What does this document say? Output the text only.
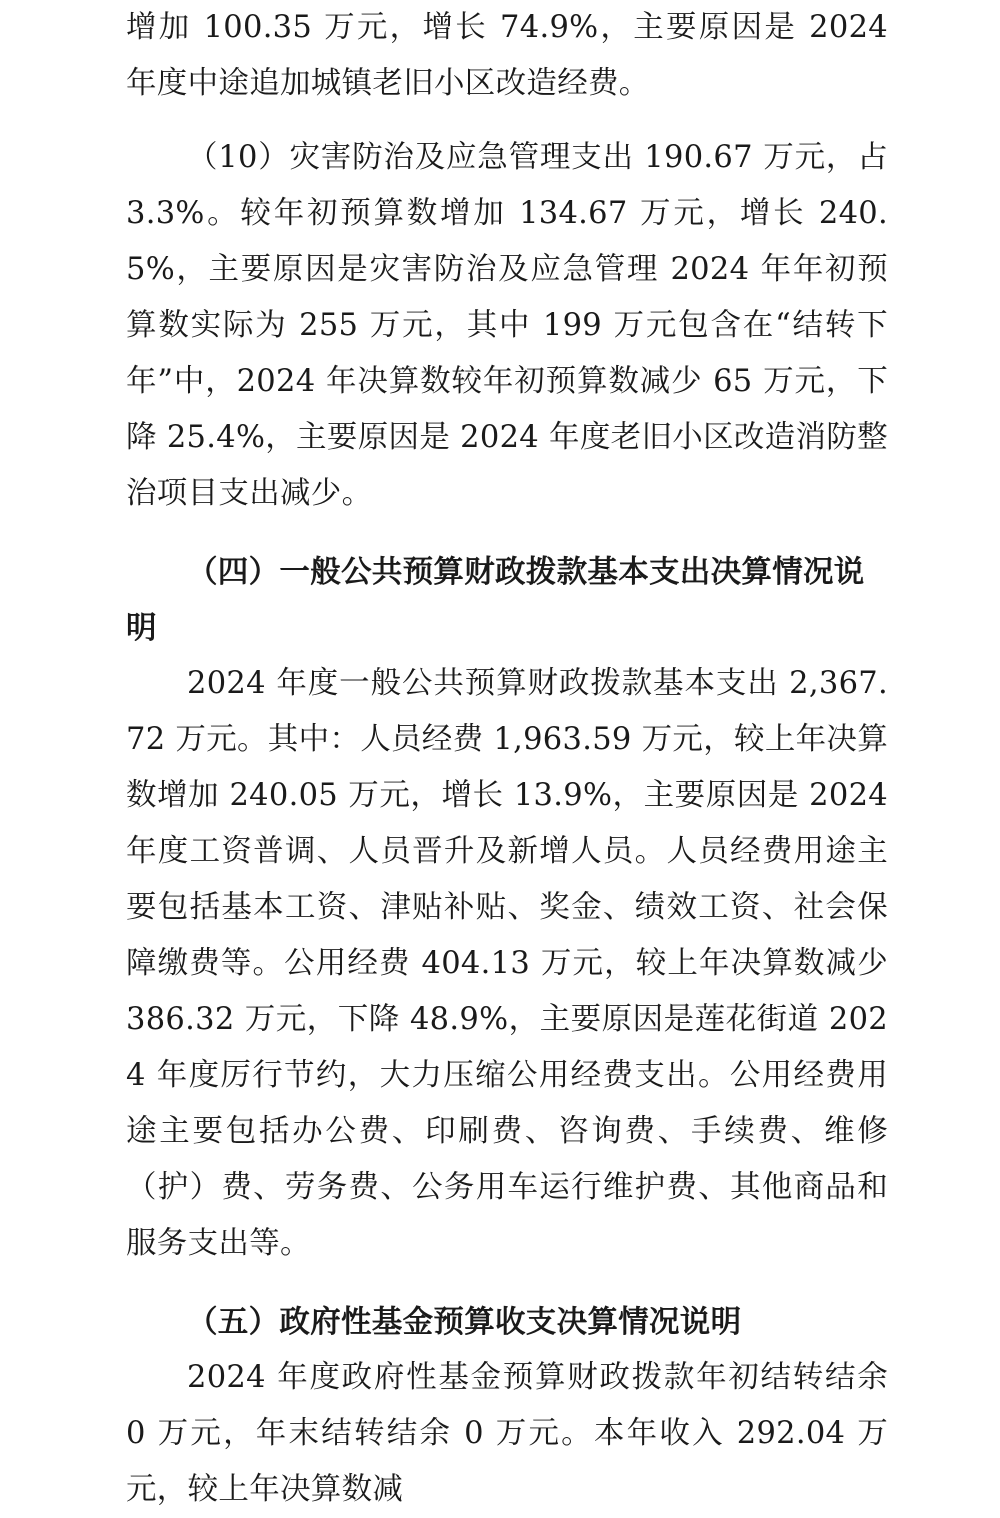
增加 100.35 万元，增长 74.9%，主要原因是 2024 年度中途追加城镇老旧小区改造经费。

（10）灾害防治及应急管理支出 190.67 万元，占 3.3%。较年初预算数增加 134.67 万元，增长 240.5%，主要原因是灾害防治及应急管理 2024 年年初预算数实际为 255 万元，其中 199 万元包含在“结转下年”中，2024 年决算数较年初预算数减少 65 万元，下降 25.4%，主要原因是 2024 年度老旧小区改造消防整治项目支出减少。

（四）一般公共预算财政拨款基本支出决算情况说明

2024 年度一般公共预算财政拨款基本支出 2,367.72 万元。其中：人员经费 1,963.59 万元，较上年决算数增加 240.05 万元，增长 13.9%，主要原因是 2024 年度工资普调、人员晋升及新增人员。人员经费用途主要包括基本工资、津贴补贴、奖金、绩效工资、社会保障缴费等。公用经费 404.13 万元，较上年决算数减少 386.32 万元，下降 48.9%，主要原因是莲花街道 2024 年度厉行节约，大力压缩公用经费支出。公用经费用途主要包括办公费、印刷费、咨询费、手续费、维修（护）费、劳务费、公务用车运行维护费、其他商品和服务支出等。

（五）政府性基金预算收支决算情况说明

2024 年度政府性基金预算财政拨款年初结转结余 0 万元，年末结转结余 0 万元。本年收入 292.04 万元，较上年决算数减
